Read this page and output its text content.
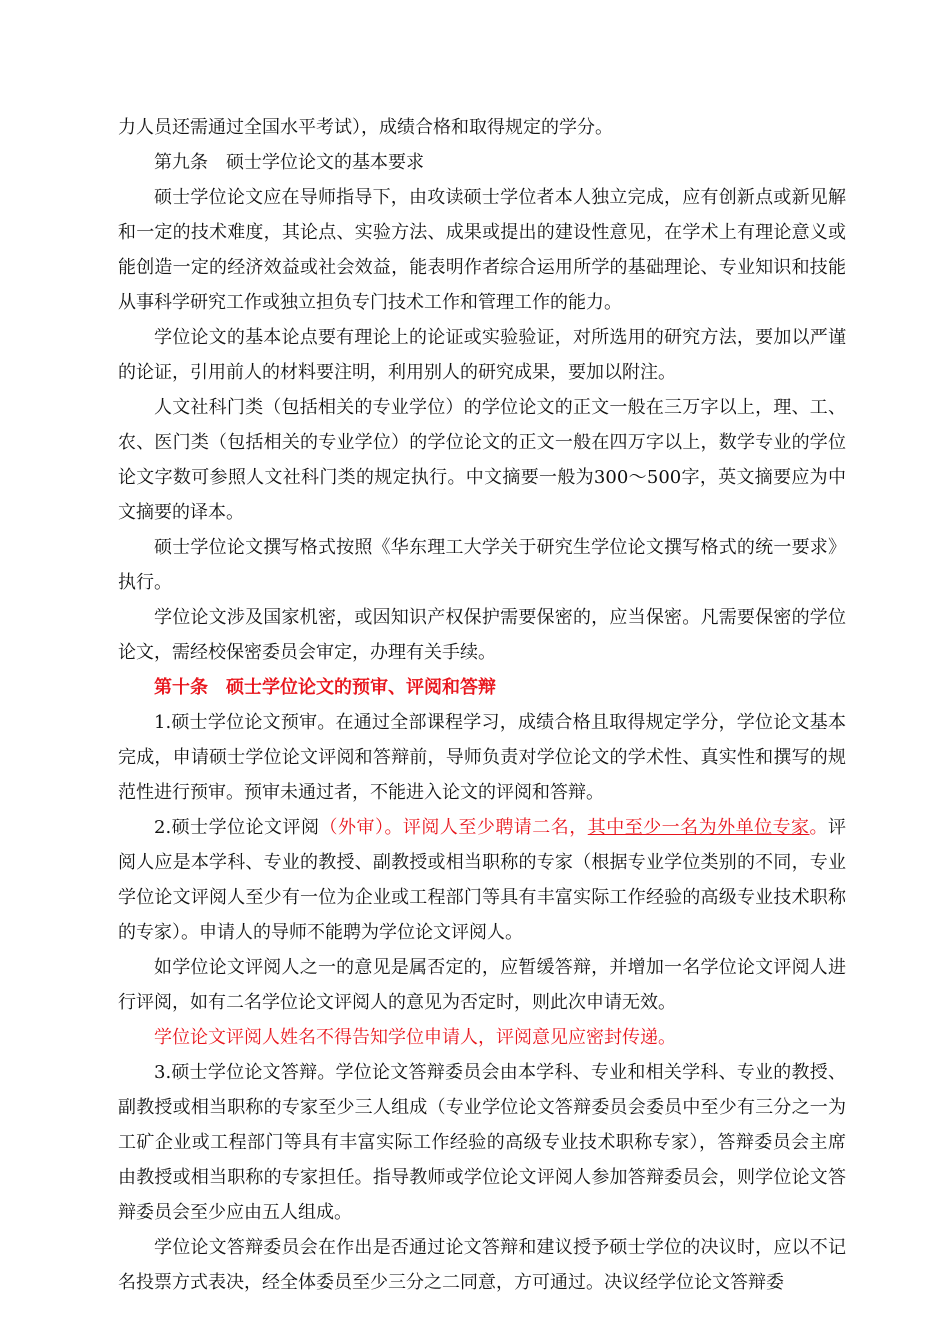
力人员还需通过全国水平考试），成绩合格和取得规定的学分。

第九条　硕士学位论文的基本要求

硕士学位论文应在导师指导下，由攻读硕士学位者本人独立完成，应有创新点或新见解和一定的技术难度，其论点、实验方法、成果或提出的建设性意见，在学术上有理论意义或能创造一定的经济效益或社会效益，能表明作者综合运用所学的基础理论、专业知识和技能从事科学研究工作或独立担负专门技术工作和管理工作的能力。

学位论文的基本论点要有理论上的论证或实验验证，对所选用的研究方法，要加以严谨的论证，引用前人的材料要注明，利用别人的研究成果，要加以附注。

人文社科门类（包括相关的专业学位）的学位论文的正文一般在三万字以上，理、工、农、医门类（包括相关的专业学位）的学位论文的正文一般在四万字以上，数学专业的学位论文字数可参照人文社科门类的规定执行。中文摘要一般为300～500字，英文摘要应为中文摘要的译本。

硕士学位论文撰写格式按照《华东理工大学关于研究生学位论文撰写格式的统一要求》执行。

学位论文涉及国家机密，或因知识产权保护需要保密的，应当保密。凡需要保密的学位论文，需经校保密委员会审定，办理有关手续。

第十条　硕士学位论文的预审、评阅和答辩

1.硕士学位论文预审。在通过全部课程学习，成绩合格且取得规定学分，学位论文基本完成，申请硕士学位论文评阅和答辩前，导师负责对学位论文的学术性、真实性和撰写的规范性进行预审。预审未通过者，不能进入论文的评阅和答辩。

2.硕士学位论文评阅（外审）。评阅人至少聘请二名，其中至少一名为外单位专家。评阅人应是本学科、专业的教授、副教授或相当职称的专家（根据专业学位类别的不同，专业学位论文评阅人至少有一位为企业或工程部门等具有丰富实际工作经验的高级专业技术职称的专家）。申请人的导师不能聘为学位论文评阅人。

如学位论文评阅人之一的意见是属否定的，应暂缓答辩，并增加一名学位论文评阅人进行评阅，如有二名学位论文评阅人的意见为否定时，则此次申请无效。

学位论文评阅人姓名不得告知学位申请人，评阅意见应密封传递。

3.硕士学位论文答辩。学位论文答辩委员会由本学科、专业和相关学科、专业的教授、副教授或相当职称的专家至少三人组成（专业学位论文答辩委员会委员中至少有三分之一为工矿企业或工程部门等具有丰富实际工作经验的高级专业技术职称专家），答辩委员会主席由教授或相当职称的专家担任。指导教师或学位论文评阅人参加答辩委员会，则学位论文答辩委员会至少应由五人组成。

学位论文答辩委员会在作出是否通过论文答辩和建议授予硕士学位的决议时，应以不记名投票方式表决，经全体委员至少三分之二同意，方可通过。决议经学位论文答辩委
